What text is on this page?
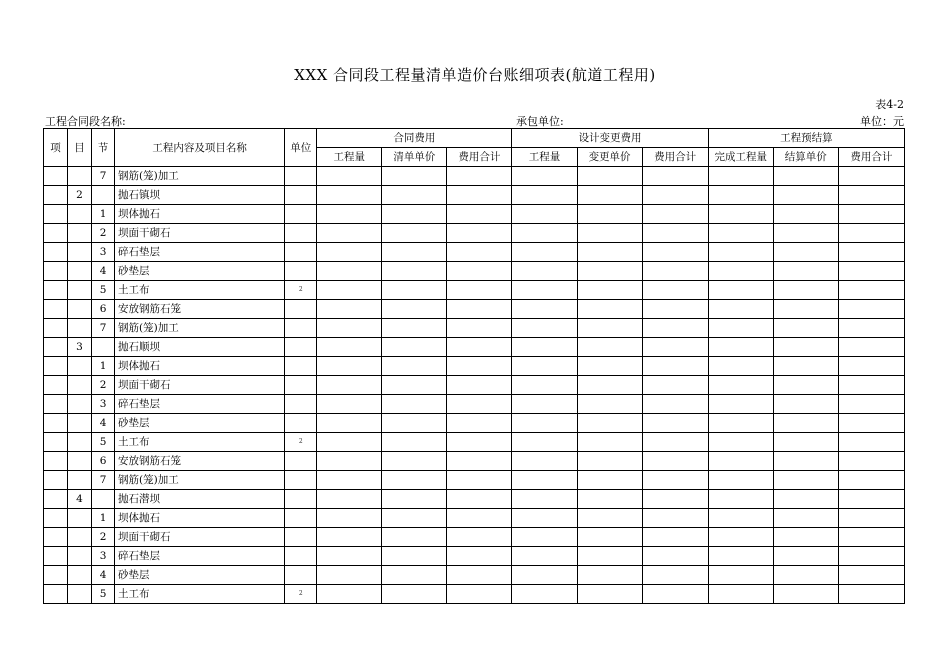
XXX 合同段工程量清单造价台账细项表(航道工程用)
表4-2
工程合同段名称:	承包单位:	单位：元
项	目	节	工程内容及项目名称	单位	合同费用			设计变更费用			工程预结算		
					工程量	清单单价	费用合计	工程量	变更单价	费用合计	完成工程量	结算单价	费用合计
		7	钢筋(笼)加工										
	2		抛石镇坝										
		1	坝体抛石										
		2	坝面干砌石										
		3	碎石垫层										
		4	砂垫层										
		5	土工布	2									
		6	安放钢筋石笼										
		7	钢筋(笼)加工										
	3		抛石顺坝										
		1	坝体抛石										
		2	坝面干砌石										
		3	碎石垫层										
		4	砂垫层										
		5	土工布	2									
		6	安放钢筋石笼										
		7	钢筋(笼)加工										
	4		抛石潜坝										
		1	坝体抛石										
		2	坝面干砌石										
		3	碎石垫层										
		4	砂垫层										
		5	土工布	2									
